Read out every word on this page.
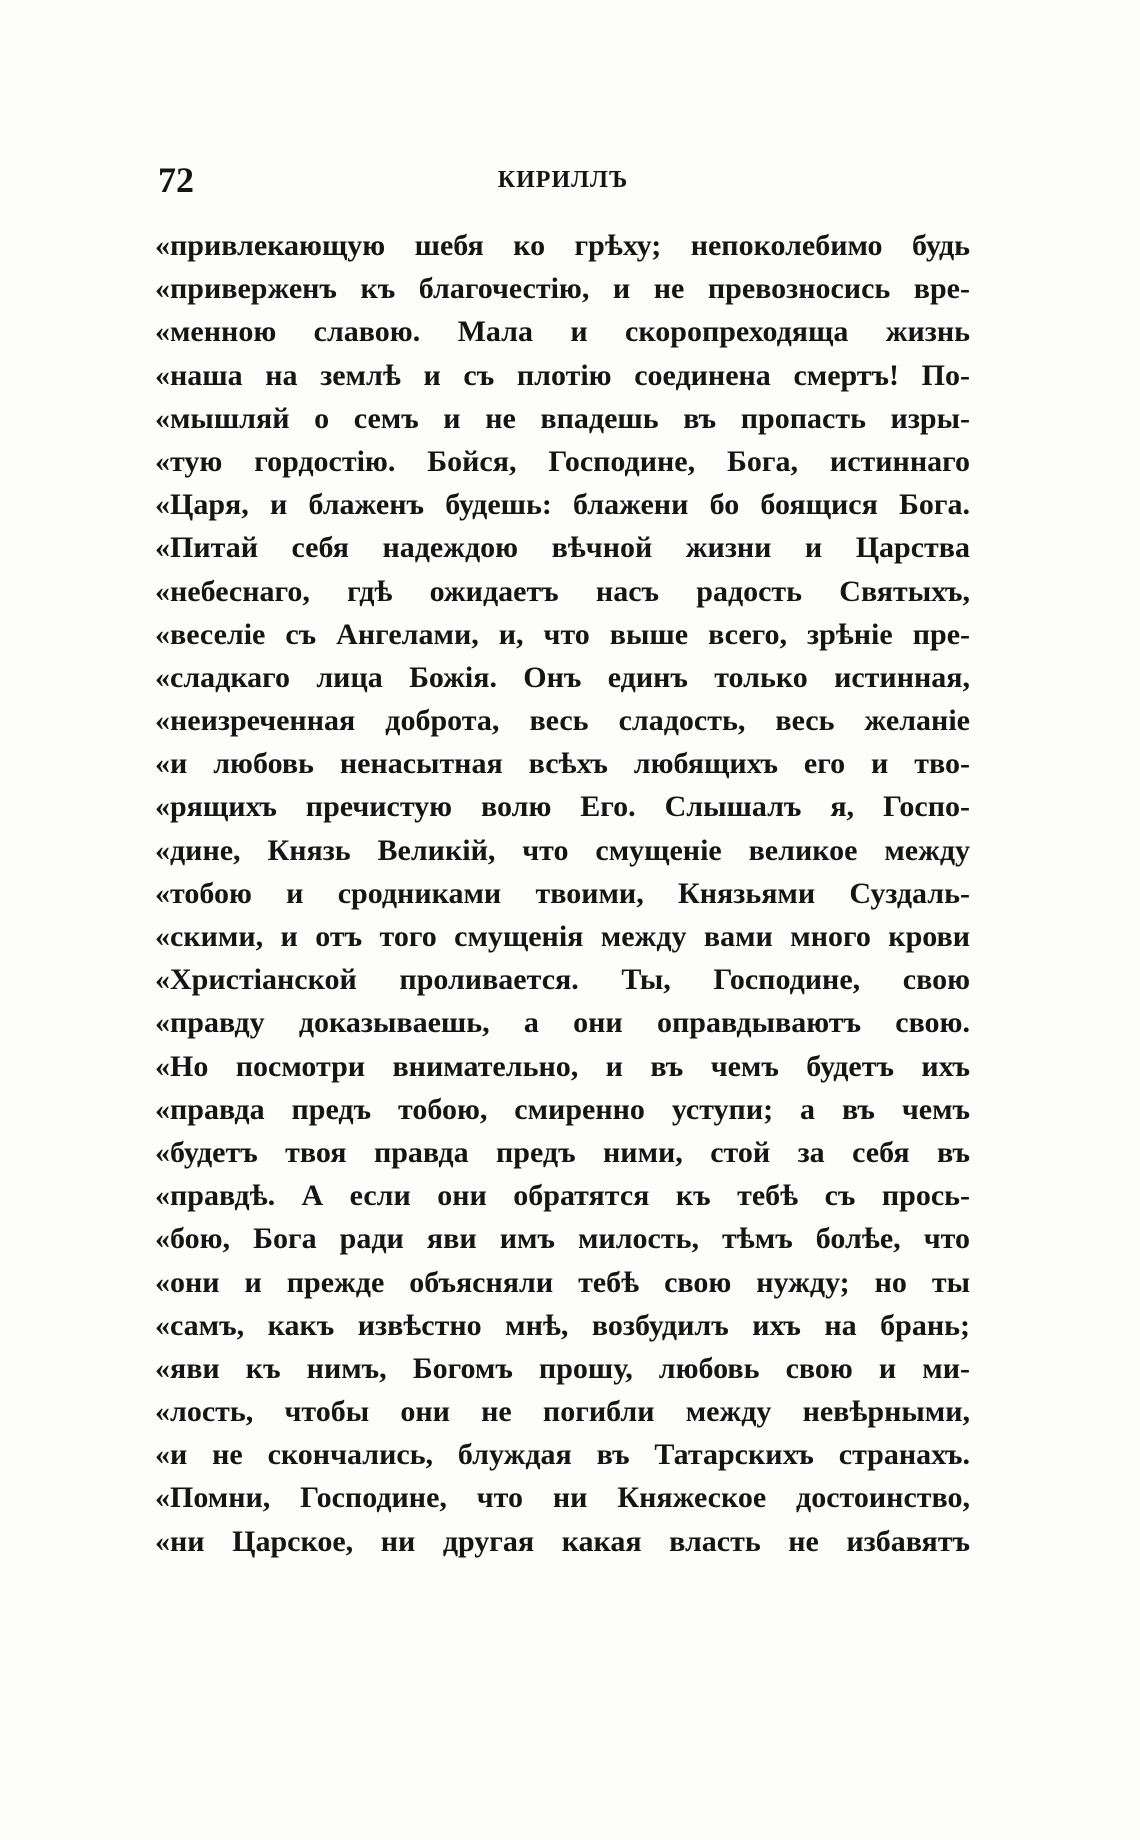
72	КИРИЛЛЪ
«привлекающую шебя ко грѣху; непоколебимо будь
«приверженъ къ благочестію, и не превозносись вре-
«менною славою. Мала и скоропреходяща жизнь
«наша на землѣ и съ плотію соединена смертъ! По-
«мышляй о семъ и не впадешь въ пропасть изры-
«тую гордостію. Бойся, Господине, Бога, истиннаго
«Царя, и блаженъ будешь: блажени бо боящися Бога.
«Питай себя надеждою вѣчной жизни и Царства
«небеснаго, гдѣ ожидаетъ насъ радость Святыхъ,
«веселіе съ Ангелами, и, что выше всего, зрѣніе пре-
«сладкаго лица Божія. Онъ единъ только истинная,
«неизреченная доброта, весь сладость, весь желаніе
«и любовь ненасытная всѣхъ любящихъ его и тво-
«рящихъ пречистую волю Его. Слышалъ я, Госпо-
«дине, Князь Великій, что смущеніе великое между
«тобою и сродниками твоими, Князьями Суздаль-
«скими, и отъ того смущенія между вами много крови
«Христіанской проливается. Ты, Господине, свою
«правду доказываешь, а они оправдываютъ свою.
«Но посмотри внимательно, и въ чемъ будетъ ихъ
«правда предъ тобою, смиренно уступи; а въ чемъ
«будетъ твоя правда предъ ними, стой за себя въ
«правдѣ. А если они обратятся къ тебѣ съ прось-
«бою, Бога ради яви имъ милость, тѣмъ болѣе, что
«они и прежде объясняли тебѣ свою нужду; но ты
«самъ, какъ извѣстно мнѣ, возбудилъ ихъ на брань;
«яви къ нимъ, Богомъ прошу, любовь свою и ми-
«лость, чтобы они не погибли между невѣрными,
«и не скончались, блуждая въ Татарскихъ странахъ.
«Помни, Господине, что ни Княжеское достоинство,
«ни Царское, ни другая какая власть не избавятъ
